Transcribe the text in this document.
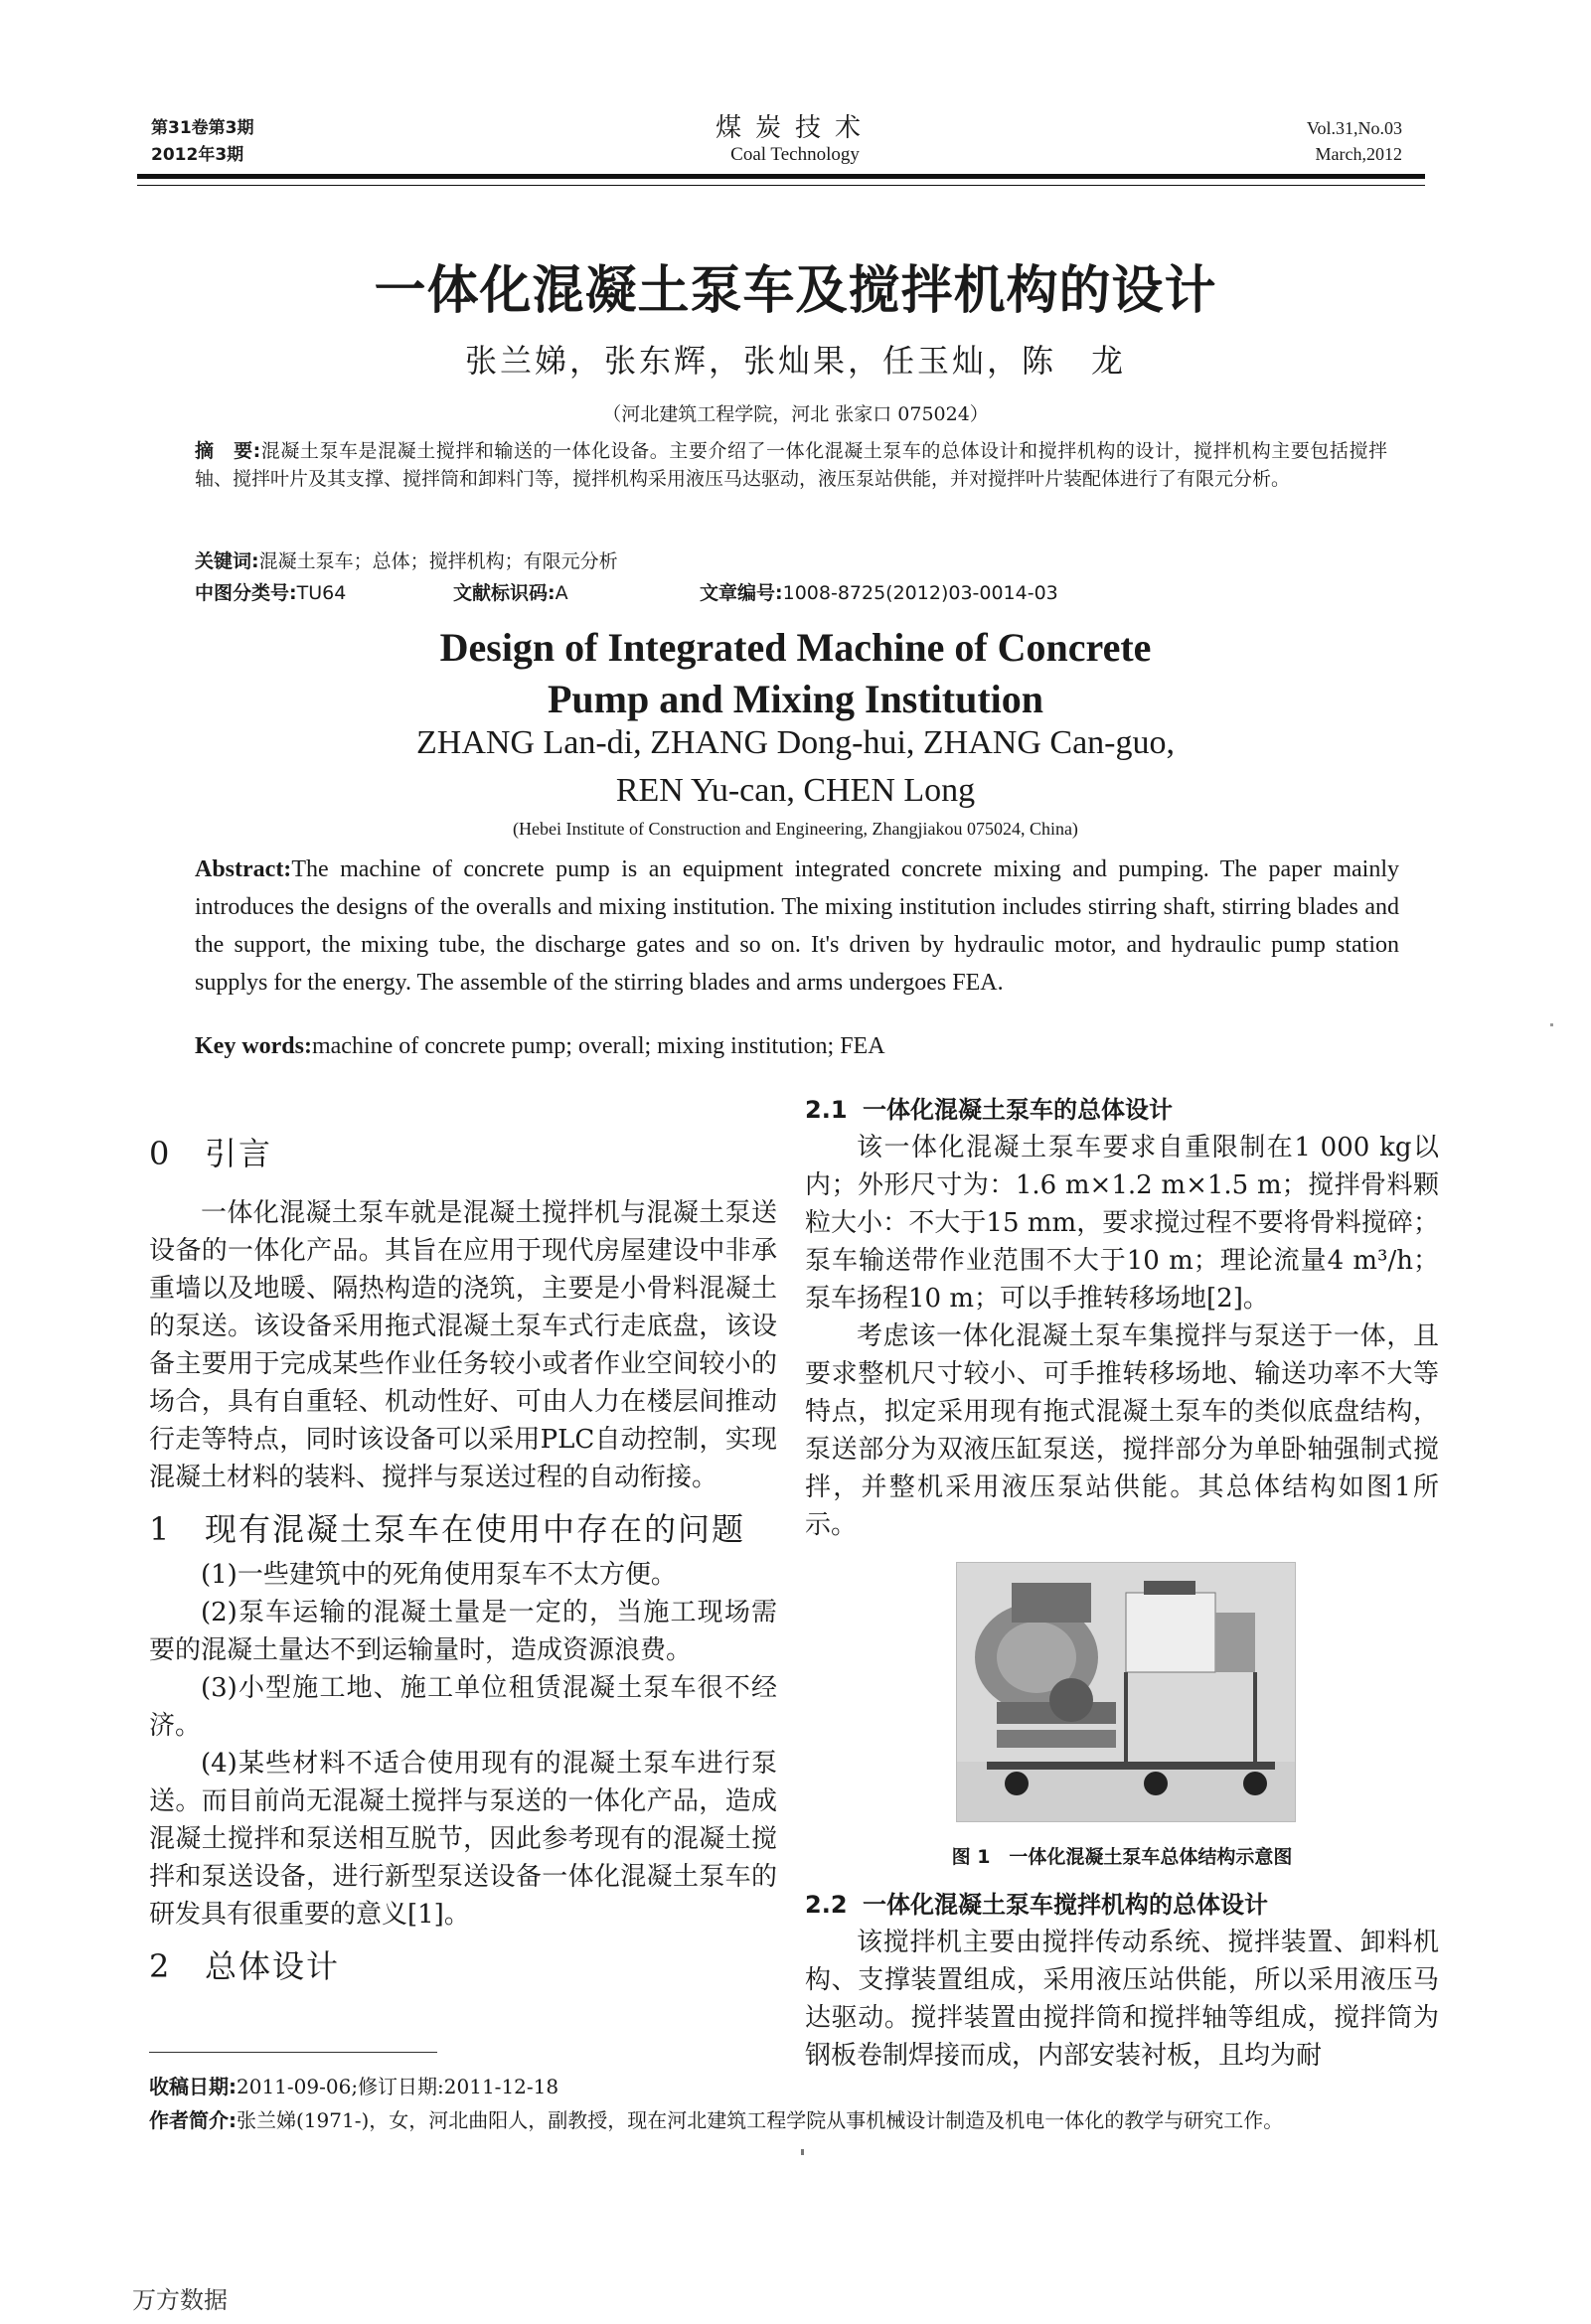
第31卷第3期
2012年3期
煤炭技术
Coal Technology
Vol.31,No.03
March,2012
一体化混凝土泵车及搅拌机构的设计
张兰娣，张东辉，张灿果，任玉灿，陈　龙
（河北建筑工程学院，河北 张家口 075024）
摘　要:混凝土泵车是混凝土搅拌和输送的一体化设备。主要介绍了一体化混凝土泵车的总体设计和搅拌机构的设计，搅拌机构主要包括搅拌轴、搅拌叶片及其支撑、搅拌筒和卸料门等，搅拌机构采用液压马达驱动，液压泵站供能，并对搅拌叶片装配体进行了有限元分析。
关键词:混凝土泵车；总体；搅拌机构；有限元分析
中图分类号:TU64	文献标识码:A	文章编号:1008-8725(2012)03-0014-03
Design of Integrated Machine of Concrete
Pump and Mixing Institution
ZHANG Lan-di, ZHANG Dong-hui, ZHANG Can-guo,
REN Yu-can, CHEN Long
(Hebei Institute of Construction and Engineering, Zhangjiakou 075024, China)
Abstract:The machine of concrete pump is an equipment integrated concrete mixing and pumping. The paper mainly introduces the designs of the overalls and mixing institution. The mixing institution includes stirring shaft, stirring blades and the support, the mixing tube, the discharge gates and so on. It's driven by hydraulic motor, and hydraulic pump station supplys for the energy. The assemble of the stirring blades and arms undergoes FEA.
Key words:machine of concrete pump; overall; mixing institution; FEA
0 引言

一体化混凝土泵车就是混凝土搅拌机与混凝土泵送设备的一体化产品。其旨在应用于现代房屋建设中非承重墙以及地暖、隔热构造的浇筑，主要是小骨料混凝土的泵送。该设备采用拖式混凝土泵车式行走底盘，该设备主要用于完成某些作业任务较小或者作业空间较小的场合，具有自重轻、机动性好、可由人力在楼层间推动行走等特点，同时该设备可以采用PLC自动控制，实现混凝土材料的装料、搅拌与泵送过程的自动衔接。

1 现有混凝土泵车在使用中存在的问题

(1)一些建筑中的死角使用泵车不太方便。

(2)泵车运输的混凝土量是一定的，当施工现场需要的混凝土量达不到运输量时，造成资源浪费。

(3)小型施工地、施工单位租赁混凝土泵车很不经济。

(4)某些材料不适合使用现有的混凝土泵车进行泵送。而目前尚无混凝土搅拌与泵送的一体化产品，造成混凝土搅拌和泵送相互脱节，因此参考现有的混凝土搅拌和泵送设备，进行新型泵送设备一体化混凝土泵车的研发具有很重要的意义[1]。

2 总体设计
2.1 一体化混凝土泵车的总体设计

该一体化混凝土泵车要求自重限制在1 000 kg以内；外形尺寸为：1.6 m×1.2 m×1.5 m；搅拌骨料颗粒大小：不大于15 mm，要求搅过程不要将骨料搅碎；泵车输送带作业范围不大于10 m；理论流量4 m³/h；泵车扬程10 m；可以手推转移场地[2]。

考虑该一体化混凝土泵车集搅拌与泵送于一体，且要求整机尺寸较小、可手推转移场地、输送功率不大等特点，拟定采用现有拖式混凝土泵车的类似底盘结构，泵送部分为双液压缸泵送，搅拌部分为单卧轴强制式搅拌，并整机采用液压泵站供能。其总体结构如图1所示。

图 1　一体化混凝土泵车总体结构示意图
2.2 一体化混凝土泵车搅拌机构的总体设计

该搅拌机主要由搅拌传动系统、搅拌装置、卸料机构、支撑装置组成，采用液压站供能，所以采用液压马达驱动。搅拌装置由搅拌筒和搅拌轴等组成，搅拌筒为钢板卷制焊接而成，内部安装衬板，且均为耐

收稿日期:2011-09-06;修订日期:2011-12-18
作者简介:张兰娣(1971-)，女，河北曲阳人，副教授，现在河北建筑工程学院从事机械设计制造及机电一体化的教学与研究工作。
万方数据
